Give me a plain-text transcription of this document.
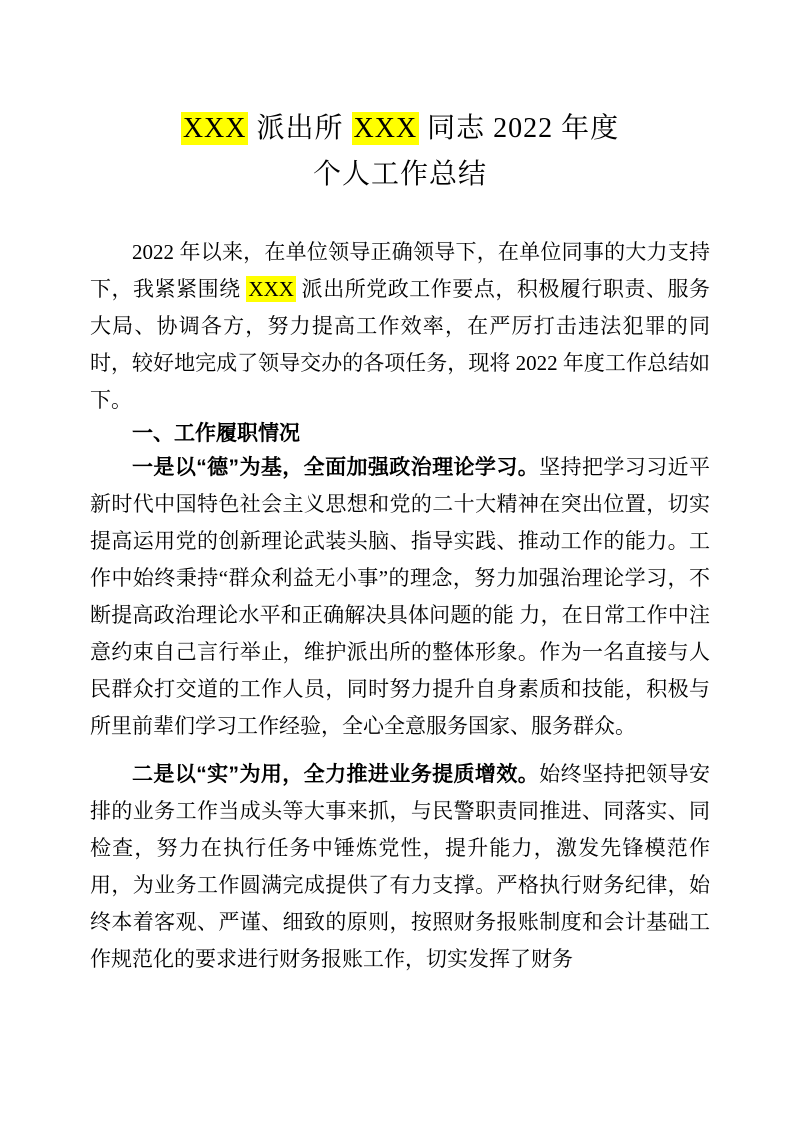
XXX 派出所 XXX 同志 2022 年度
个人工作总结

2022 年以来，在单位领导正确领导下，在单位同事的大力支持下，我紧紧围绕 XXX 派出所党政工作要点，积极履行职责、服务大局、协调各方，努力提高工作效率，在严厉打击违法犯罪的同时，较好地完成了领导交办的各项任务，现将 2022 年度工作总结如下。

一、工作履职情况

一是以“德”为基，全面加强政治理论学习。坚持把学习习近平新时代中国特色社会主义思想和党的二十大精神在突出位置，切实提高运用党的创新理论武装头脑、指导实践、推动工作的能力。工作中始终秉持“群众利益无小事”的理念，努力加强治理论学习，不断提高政治理论水平和正确解决具体问题的能 力，在日常工作中注意约束自己言行举止，维护派出所的整体形象。作为一名直接与人民群众打交道的工作人员，同时努力提升自身素质和技能，积极与所里前辈们学习工作经验，全心全意服务国家、服务群众。

二是以“实”为用，全力推进业务提质增效。始终坚持把领导安排的业务工作当成头等大事来抓，与民警职责同推进、同落实、同检查，努力在执行任务中锤炼党性，提升能力，激发先锋模范作用，为业务工作圆满完成提供了有力支撑。严格执行财务纪律，始终本着客观、严谨、细致的原则，按照财务报账制度和会计基础工作规范化的要求进行财务报账工作，切实发挥了财务
